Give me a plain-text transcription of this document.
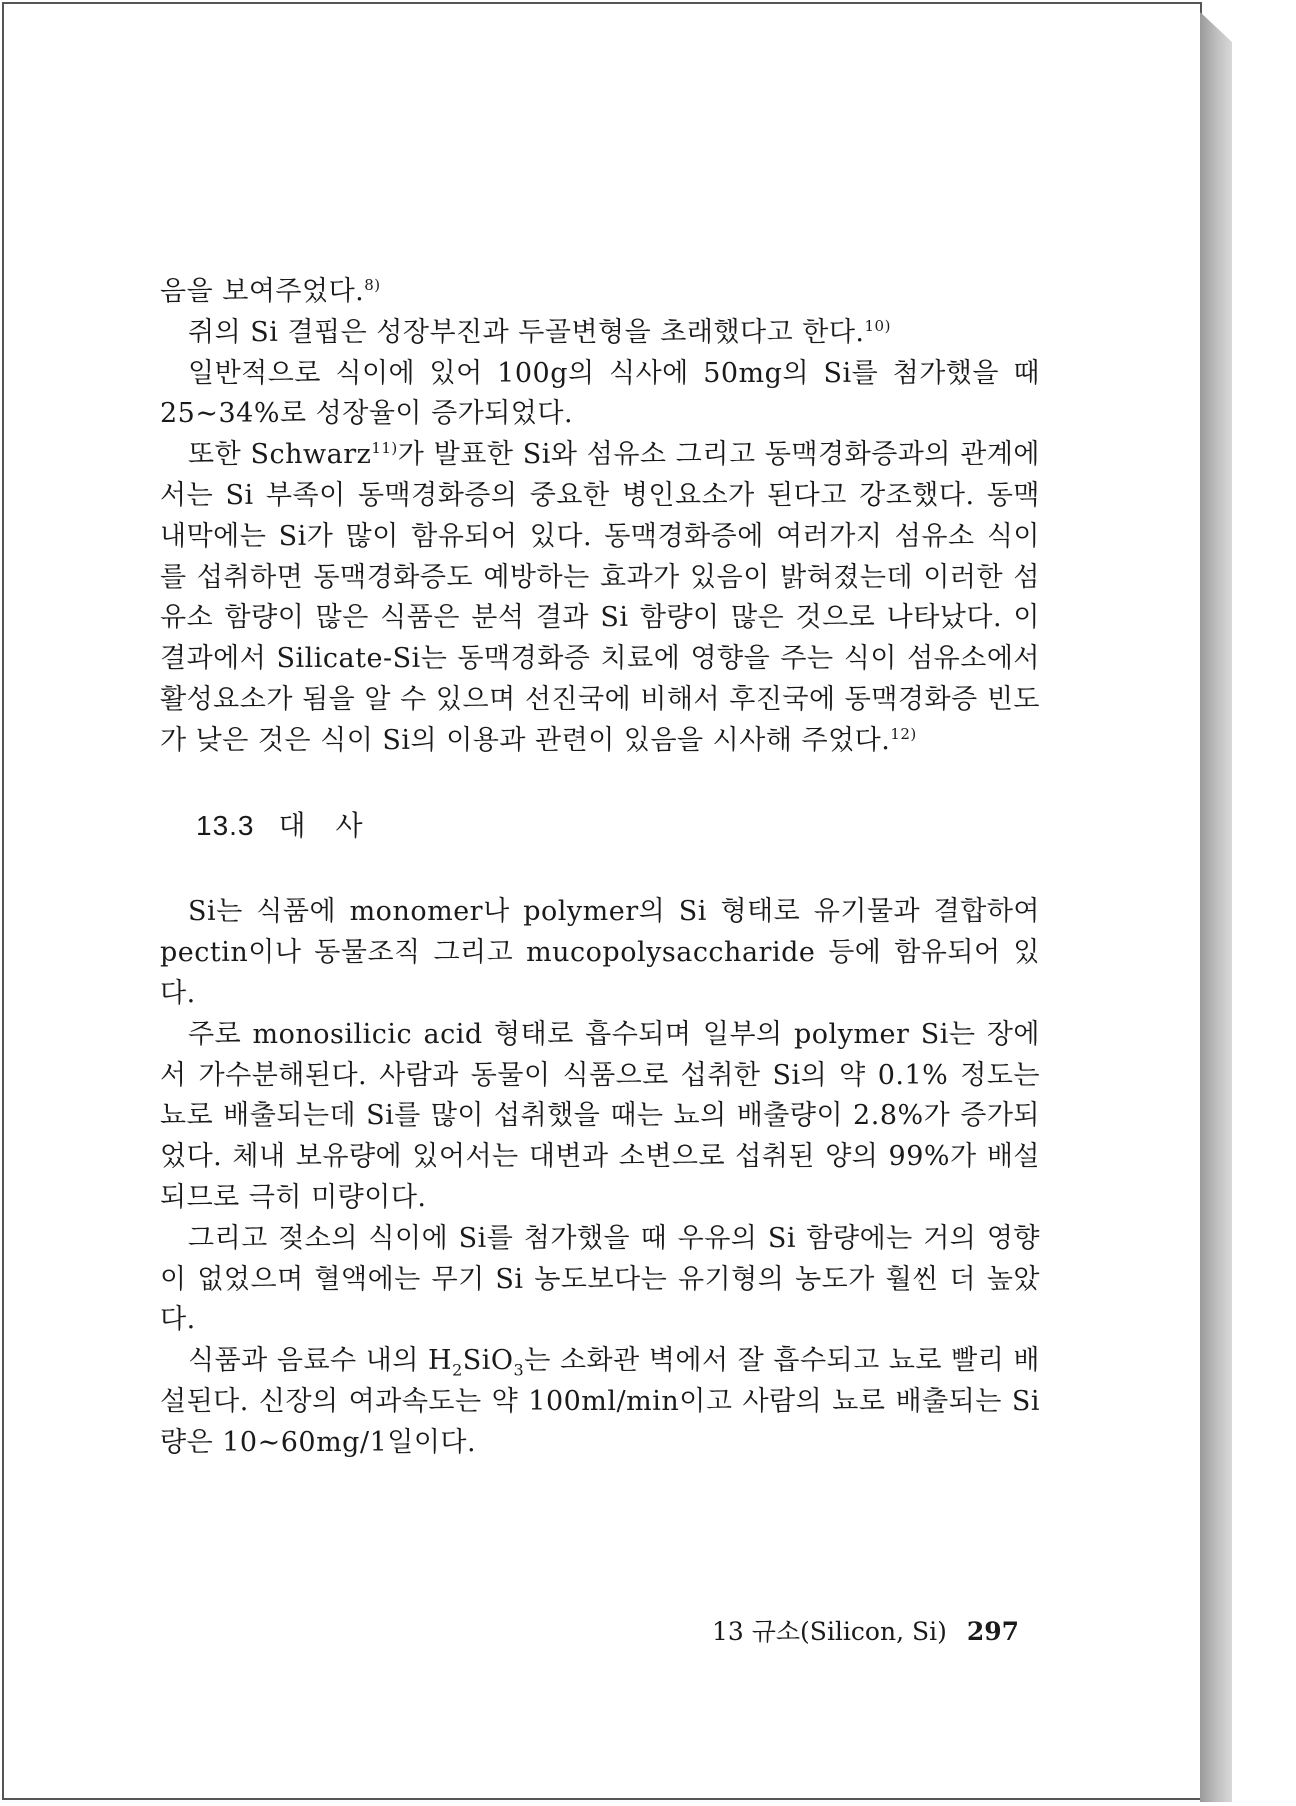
음을 보여주었다.$^{8)}$

쥐의 Si 결핍은 성장부진과 두골변형을 초래했다고 한다.$^{10)}$

일반적으로 식이에 있어 100g의 식사에 50mg의 Si를 첨가했을 때 25∼34%로 성장율이 증가되었다.

또한 Schwarz$^{11)}$가 발표한 Si와 섬유소 그리고 동맥경화증과의 관계에서는 Si 부족이 동맥경화증의 중요한 병인요소가 된다고 강조했다. 동맥내막에는 Si가 많이 함유되어 있다. 동맥경화증에 여러가지 섬유소 식이를 섭취하면 동맥경화증도 예방하는 효과가 있음이 밝혀졌는데 이러한 섬유소 함량이 많은 식품은 분석 결과 Si 함량이 많은 것으로 나타났다. 이 결과에서 Silicate-Si는 동맥경화증 치료에 영향을 주는 식이 섬유소에서 활성요소가 됨을 알 수 있으며 선진국에 비해서 후진국에 동맥경화증 빈도가 낮은 것은 식이 Si의 이용과 관련이 있음을 시사해 주었다.$^{12)}$

13.3 대사

Si는 식품에 monomer나 polymer의 Si 형태로 유기물과 결합하여 pectin이나 동물조직 그리고 mucopolysaccharide 등에 함유되어 있다.

주로 monosilicic acid 형태로 흡수되며 일부의 polymer Si는 장에서 가수분해된다. 사람과 동물이 식품으로 섭취한 Si의 약 0.1% 정도는 뇨로 배출되는데 Si를 많이 섭취했을 때는 뇨의 배출량이 2.8%가 증가되었다. 체내 보유량에 있어서는 대변과 소변으로 섭취된 양의 99%가 배설되므로 극히 미량이다.

그리고 젖소의 식이에 Si를 첨가했을 때 우유의 Si 함량에는 거의 영향이 없었으며 혈액에는 무기 Si 농도보다는 유기형의 농도가 훨씬 더 높았다.

식품과 음료수 내의 $H_2SiO_3$는 소화관 벽에서 잘 흡수되고 뇨로 빨리 배설된다. 신장의 여과속도는 약 100ml/min이고 사람의 뇨로 배출되는 Si 량은 10∼60mg/1일이다.

13 규소(Silicon, Si) 297
